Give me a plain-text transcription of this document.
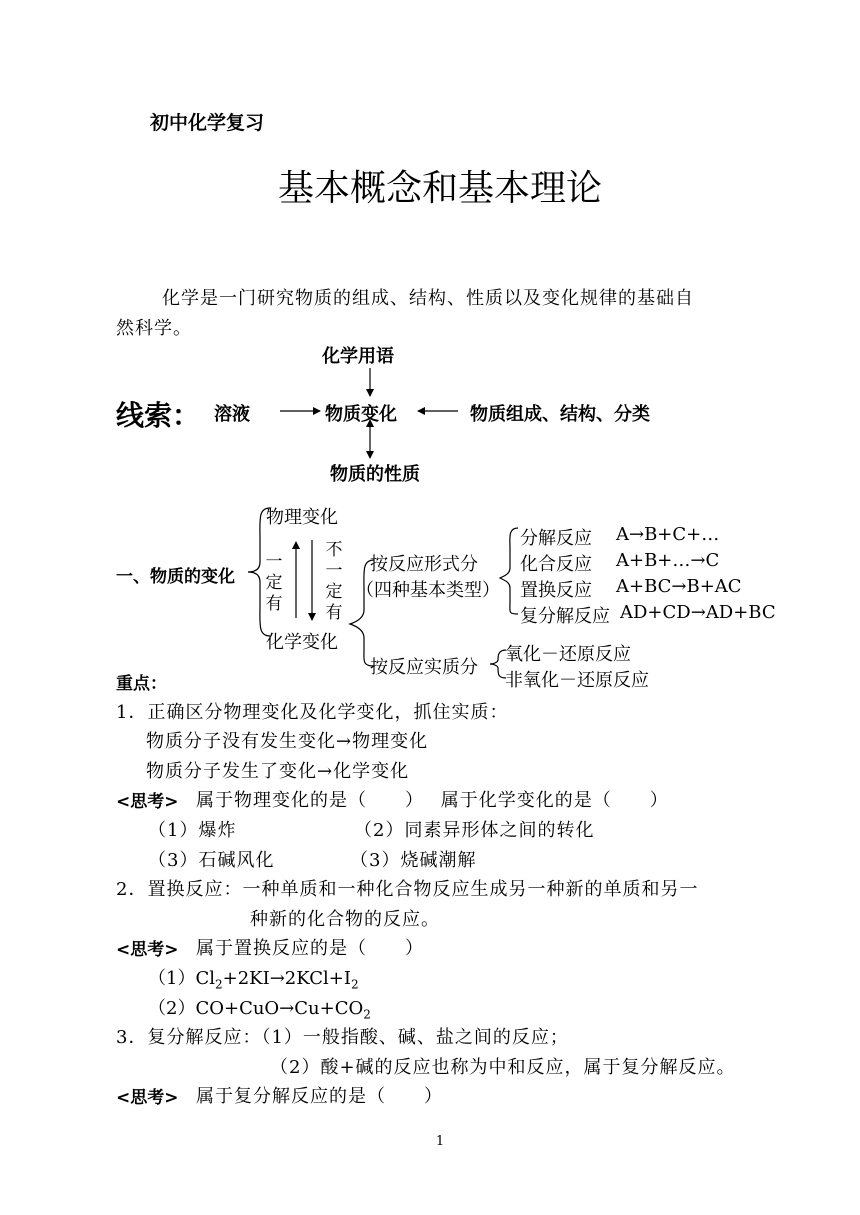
初中化学复习
基本概念和基本理论
化学是一门研究物质的组成、结构、性质以及变化规律的基础自
然科学。
化学用语
线索： 溶液	物质变化	物质组成、结构、分类
物质的性质
一、物质的变化
物理变化
化学变化
一定有
不一定有
按反应形式分
（四种基本类型）
分解反应 A→B+C+…
化合反应 A+B+…→C
置换反应 A+BC→B+AC
复分解反应 AD+CD→AD+BC
按反应实质分
氧化－还原反应
非氧化－还原反应
重点：
1．正确区分物理变化及化学变化，抓住实质：
物质分子没有发生变化→物理变化
物质分子发生了变化→化学变化
<思考> 属于物理变化的是（　　）　 属于化学变化的是（　　）
（1）爆炸	（2）同素异形体之间的转化
（3）石碱风化	（3）烧碱潮解
2．置换反应：一种单质和一种化合物反应生成另一种新的单质和另一
种新的化合物的反应。
<思考> 属于置换反应的是（　　）
$(1)Cl_2+2KI\to 2KCl+I_2$
$(2)CO+CuO\to Cu+CO_2$
3．复分解反应：（1）一般指酸、碱、盐之间的反应；
（2）酸+碱的反应也称为中和反应，属于复分解反应。
<思考> 属于复分解反应的是（　　）
1
